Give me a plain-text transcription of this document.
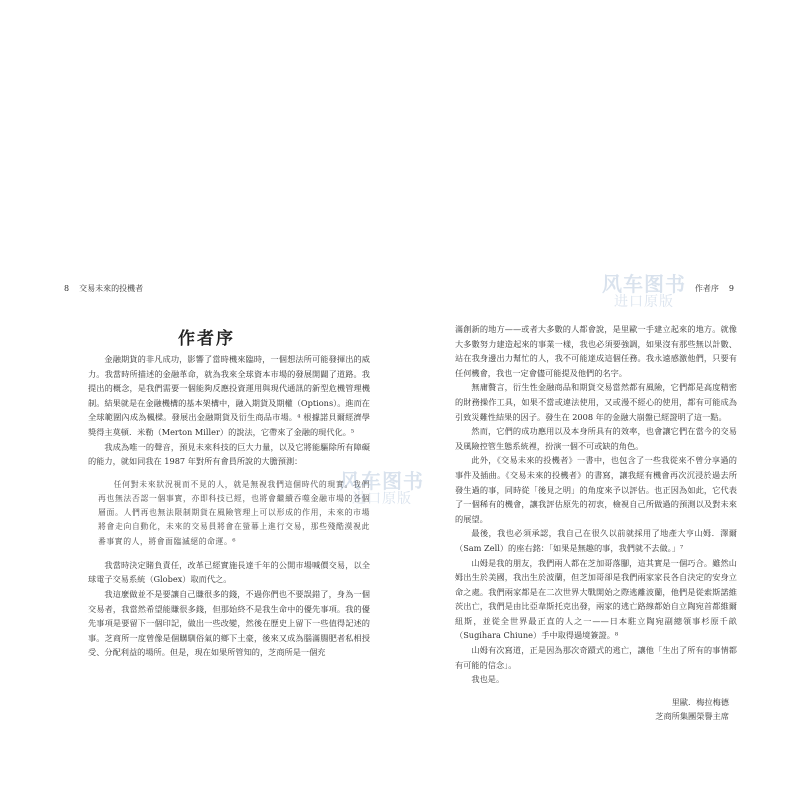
8 交易未來的投機者
作者序

金融期貨的非凡成功，影響了當時機來臨時，一個想法所可能發揮出的威力。我當時所描述的金融革命，就為我來全球資本市場的發展開闢了道路。我提出的概念，是我們需要一個能夠反應投資運用與現代通訊的新型危機管理機制。結果就是在金融機構的基本架構中，融入期貨及期權（Options）。進而在全球範圍內成為楓樑。發展出金融期貨及衍生商品市場。⁴ 根據諾貝爾經濟學獎得主莫頓．米勒（Merton Miller）的說法，它帶來了金融的現代化。⁵

我成為唯一的聲音，預見未來科技的巨大力量，以及它將能驅除所有障礙的能力，就如同我在 1987 年對所有會員所說的大膽預測：

任何對未來狀況視而不見的人，就是無視我們這個時代的現實。我們再也無法否認一個事實，亦即科技已經，也將會繼續吞噬金融市場的各個層面。人們再也無法限制期貨在風險管理上可以形成的作用，未來的市場將會走向自動化，未來的交易員將會在螢幕上進行交易，那些殘酷漠視此番事實的人，將會面臨滅絕的命運。⁶

我當時決定賭負責任，改革已經實施長達千年的公開市場喊價交易，以全球電子交易系統（Globex）取而代之。

我這麼做並不是要讓自己賺很多的錢，不過你們也不要誤錯了，身為一個交易者，我當然希望能賺很多錢，但那始終不是我生命中的優先事項。我的優先事項是要留下一個印記，做出一些改變，然後在歷史上留下一些值得記述的事。芝商所一度曾像是個購馴俗氣的鄉下土豪，後來又成為腦滿腸肥者私相授受、分配利益的場所。但是，現在如果所管知的，芝商所是一個充

作者序 9

滿創新的地方——或者大多數的人都會說，是里歐一手建立起來的地方。就像大多數努力建造起來的事業一樣，我也必須要強調，如果沒有那些無以計數、站在我身邊出力幫忙的人，我不可能達成這個任務。我永遠感激他們，只要有任何機會，我也一定會儘可能提及他們的名字。

無庸贅言，衍生性金融商品和期貨交易當然都有風險，它們都是高度精密的財務操作工具，如果不當或違法使用，又或漫不經心的使用，都有可能成為引致災難性結果的因子。發生在 2008 年的金融大崩盤已經證明了這一點。

然而，它們的成功應用以及本身所具有的效率，也會讓它們在當今的交易及風險控管生態系統裡，扮演一個不可或缺的角色。

此外，《交易未來的投機者》一書中，也包含了一些我從來不曾分享過的事件及插曲。《交易未來的投機者》的書寫，讓我經有機會再次沉浸於過去所發生過的事，同時從「後見之明」的角度來予以評估。也正因為如此，它代表了一個稀有的機會，讓我評估原先的初衷，檢視自己所做過的預測以及對未來的展望。

最後，我也必須承認，我自己在很久以前就採用了地產大亨山姆．澤爾（Sam Zell）的座右銘：「如果是無趣的事，我們就不去做。」⁷

山姆是我的朋友，我們兩人都在芝加哥落腳，這其實是一個巧合。雖然山姆出生於美國，我出生於波蘭，但芝加哥卻是我們兩家家長各自決定的安身立命之處。我們兩家都是在二次世界大戰開始之際逃離波蘭，他們是從索斯諾維茨出亡，我們是由比亞韋斯托克出發，兩家的逃亡路線都始自立陶宛首都維爾紐斯，並從全世界最正直的人之一——日本駐立陶宛副總領事杉原千畝（Sugihara Chiune）手中取得過境簽證。⁸

山姆有次寫道，正是因為那次奇蹟式的逃亡，讓他「生出了所有的事情都有可能的信念」。

我也是。

里歐．梅拉梅德

芝商所集團榮譽主席

风车图书
进口原版
风车图书
进口原版
